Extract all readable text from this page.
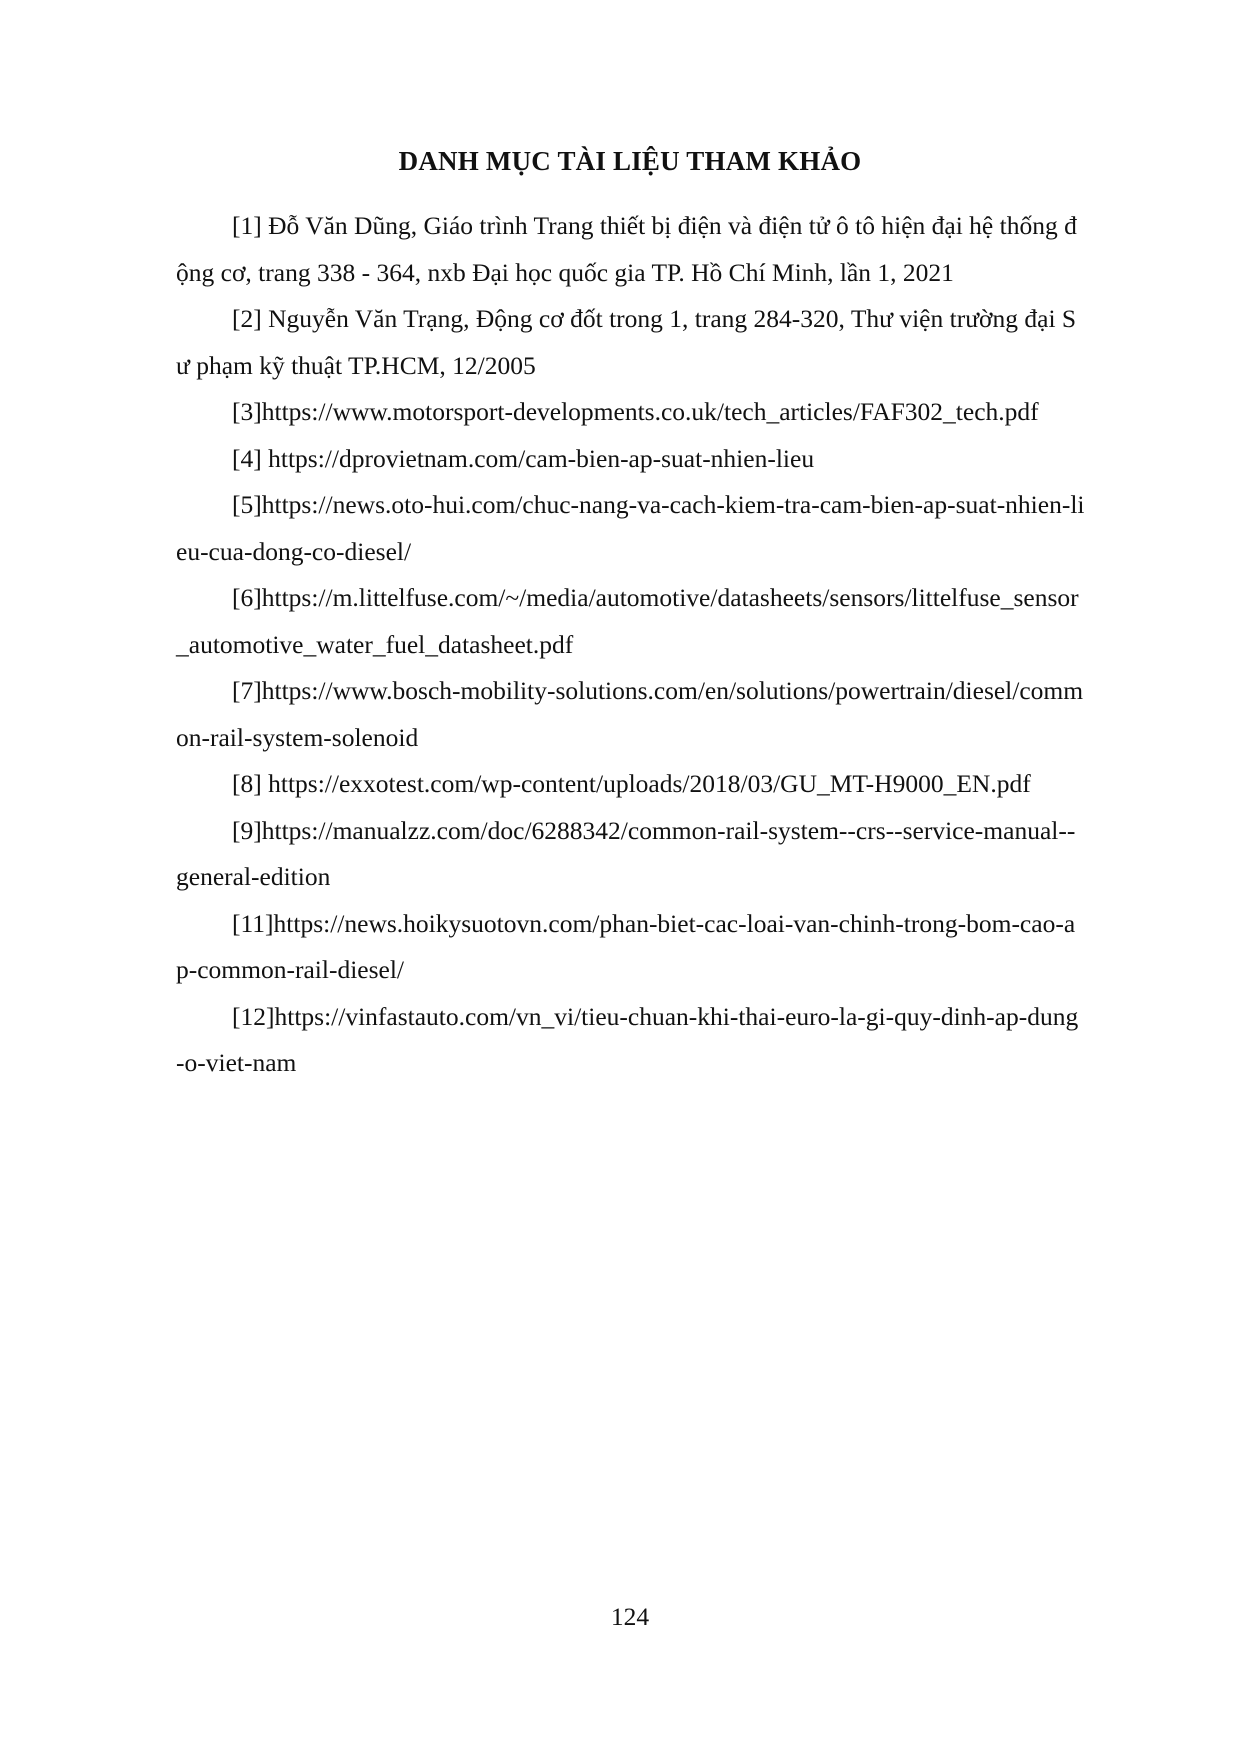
DANH MỤC TÀI LIỆU THAM KHẢO

[1] Đỗ Văn Dũng, Giáo trình Trang thiết bị điện và điện tử ô tô hiện đại hệ thống động cơ, trang 338 - 364, nxb Đại học quốc gia TP. Hồ Chí Minh, lần 1, 2021

[2] Nguyễn Văn Trạng, Động cơ đốt trong 1, trang 284-320, Thư viện trường đại Sư phạm kỹ thuật TP.HCM, 12/2005

[3]https://www.motorsport-developments.co.uk/tech_articles/FAF302_tech.pdf

[4] https://dprovietnam.com/cam-bien-ap-suat-nhien-lieu

[5]https://news.oto-hui.com/chuc-nang-va-cach-kiem-tra-cam-bien-ap-suat-nhien-lieu-cua-dong-co-diesel/

[6]https://m.littelfuse.com/~/media/automotive/datasheets/sensors/littelfuse_sensor_automotive_water_fuel_datasheet.pdf

[7]https://www.bosch-mobility-solutions.com/en/solutions/powertrain/diesel/common-rail-system-solenoid

[8] https://exxotest.com/wp-content/uploads/2018/03/GU_MT-H9000_EN.pdf

[9]https://manualzz.com/doc/6288342/common-rail-system--crs--service-manual--general-edition

[11]https://news.hoikysuotovn.com/phan-biet-cac-loai-van-chinh-trong-bom-cao-ap-common-rail-diesel/

[12]https://vinfastauto.com/vn_vi/tieu-chuan-khi-thai-euro-la-gi-quy-dinh-ap-dung-o-viet-nam

124
